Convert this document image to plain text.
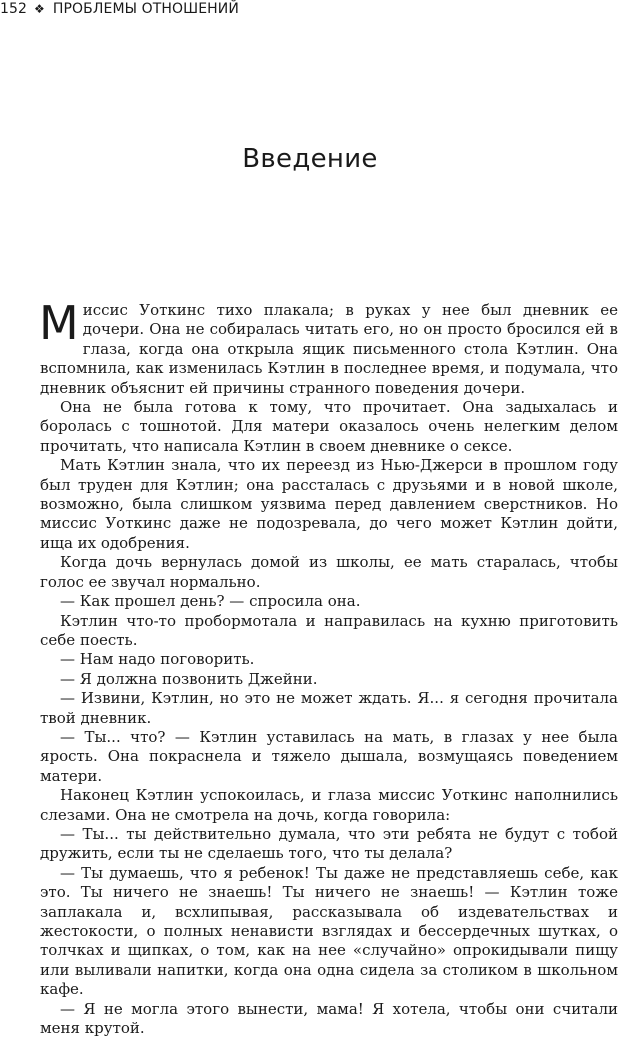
152 ❖ ПРОБЛЕМЫ ОТНОШЕНИЙ
Введение

Миссис Уоткинс тихо плакала; в руках у нее был дневник ее дочери. Она не собиралась читать его, но он просто бросился ей в глаза, когда она открыла ящик письменного стола Кэтлин. Она вспомнила, как изменилась Кэтлин в последнее время, и подумала, что дневник объяснит ей причины странного поведения дочери.

Она не была готова к тому, что прочитает. Она задыхалась и боролась с тошнотой. Для матери оказалось очень нелегким делом прочитать, что написала Кэтлин в своем дневнике о сексе.

Мать Кэтлин знала, что их переезд из Нью-Джерси в прошлом году был труден для Кэтлин; она рассталась с друзьями и в новой школе, возможно, была слишком уязвима перед давлением сверстников. Но миссис Уоткинс даже не подозревала, до чего может Кэтлин дойти, ища их одобрения.

Когда дочь вернулась домой из школы, ее мать старалась, чтобы голос ее звучал нормально.

— Как прошел день? — спросила она.

Кэтлин что-то пробормотала и направилась на кухню приготовить себе поесть.

— Нам надо поговорить.

— Я должна позвонить Джейни.

— Извини, Кэтлин, но это не может ждать. Я... я сегодня прочитала твой дневник.

— Ты... что? — Кэтлин уставилась на мать, в глазах у нее была ярость. Она покраснела и тяжело дышала, возмущаясь поведением матери.

Наконец Кэтлин успокоилась, и глаза миссис Уоткинс наполнились слезами. Она не смотрела на дочь, когда говорила:

— Ты... ты действительно думала, что эти ребята не будут с тобой дружить, если ты не сделаешь того, что ты делала?

— Ты думаешь, что я ребенок! Ты даже не представляешь себе, как это. Ты ничего не знаешь! Ты ничего не знаешь! — Кэтлин тоже заплакала и, всхлипывая, рассказывала об издевательствах и жестокости, о полных ненависти взглядах и бессердечных шутках, о толчках и щипках, о том, как на нее «случайно» опрокидывали пищу или выливали напитки, когда она одна сидела за столиком в школьном кафе.

— Я не могла этого вынести, мама! Я хотела, чтобы они считали меня крутой.
